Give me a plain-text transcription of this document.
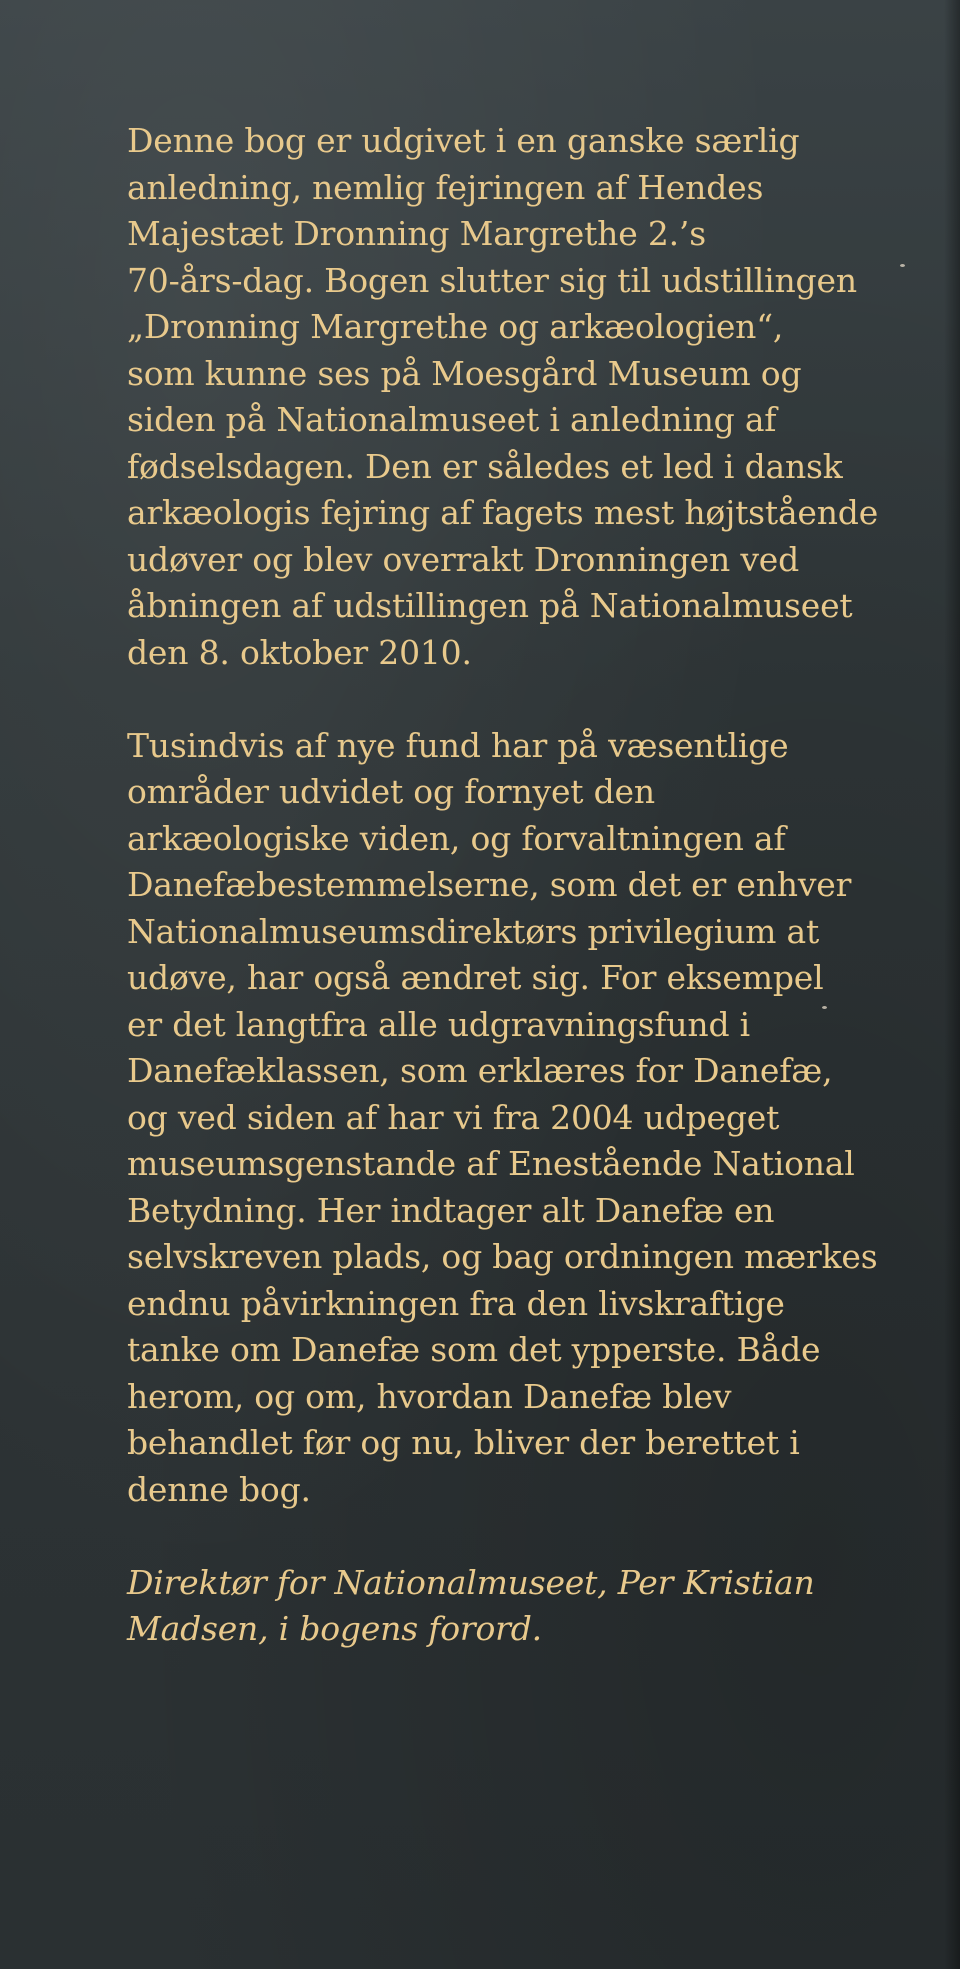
Denne bog er udgivet i en ganske særlig
anledning, nemlig fejringen af Hendes
Majestæt Dronning Margrethe 2.’s
70-års-dag. Bogen slutter sig til udstillingen
„Dronning Margrethe og arkæologien“,
som kunne ses på Moesgård Museum og
siden på Nationalmuseet i anledning af
fødselsdagen. Den er således et led i dansk
arkæologis fejring af fagets mest højtstående
udøver og blev overrakt Dronningen ved
åbningen af udstillingen på Nationalmuseet
den 8. oktober 2010.
Tusindvis af nye fund har på væsentlige
områder udvidet og fornyet den
arkæologiske viden, og forvaltningen af
Danefæbestemmelserne, som det er enhver
Nationalmuseumsdirektørs privilegium at
udøve, har også ændret sig. For eksempel
er det langtfra alle udgravningsfund i
Danefæklassen, som erklæres for Danefæ,
og ved siden af har vi fra 2004 udpeget
museumsgenstande af Enestående National
Betydning. Her indtager alt Danefæ en
selvskreven plads, og bag ordningen mærkes
endnu påvirkningen fra den livskraftige
tanke om Danefæ som det ypperste. Både
herom, og om, hvordan Danefæ blev
behandlet før og nu, bliver der berettet i
denne bog.
Direktør for Nationalmuseet, Per Kristian
Madsen, i bogens forord.
